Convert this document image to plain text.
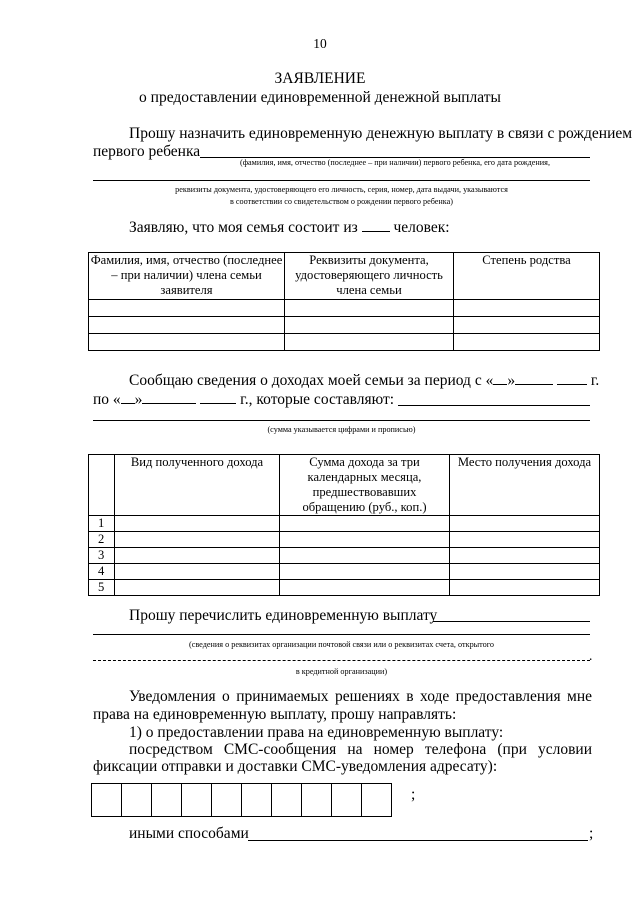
10
ЗАЯВЛЕНИЕ
о предоставлении единовременной денежной выплаты
Прошу назначить единовременную денежную выплату в связи с рождением
первого ребенка
(фамилия, имя, отчество (последнее – при наличии) первого ребенка, его дата рождения,
реквизиты документа, удостоверяющего его личность, серия, номер, дата выдачи, указываются
в соответствии со свидетельством о рождении первого ребенка)
Заявляю, что моя семья состоит из человек:
Фамилия, имя, отчество (последнее – при наличии) члена семьи заявителя	Реквизиты документа, удостоверяющего личность члена семьи	Степень родства

Сообщаю сведения о доходах моей семьи за период с « »	г.
по « »	г., которые составляют:
(сумма указывается цифрами и прописью)
	Вид полученного дохода	Сумма дохода за три календарных месяца, предшествовавших обращению (руб., коп.)	Место получения дохода
1			
2			
3			
4			
5			
Прошу перечислить единовременную выплату
(сведения о реквизитах организации почтовой связи или о реквизитах счета, открытого
.
в кредитной организации)
Уведомления о принимаемых решениях в ходе предоставления мне
права на единовременную выплату, прошу направлять:
1) о предоставлении права на единовременную выплату:
посредством СМС-сообщения на номер телефона (при условии
фиксации отправки и доставки СМС-уведомления адресату):
;
иными способами	;
